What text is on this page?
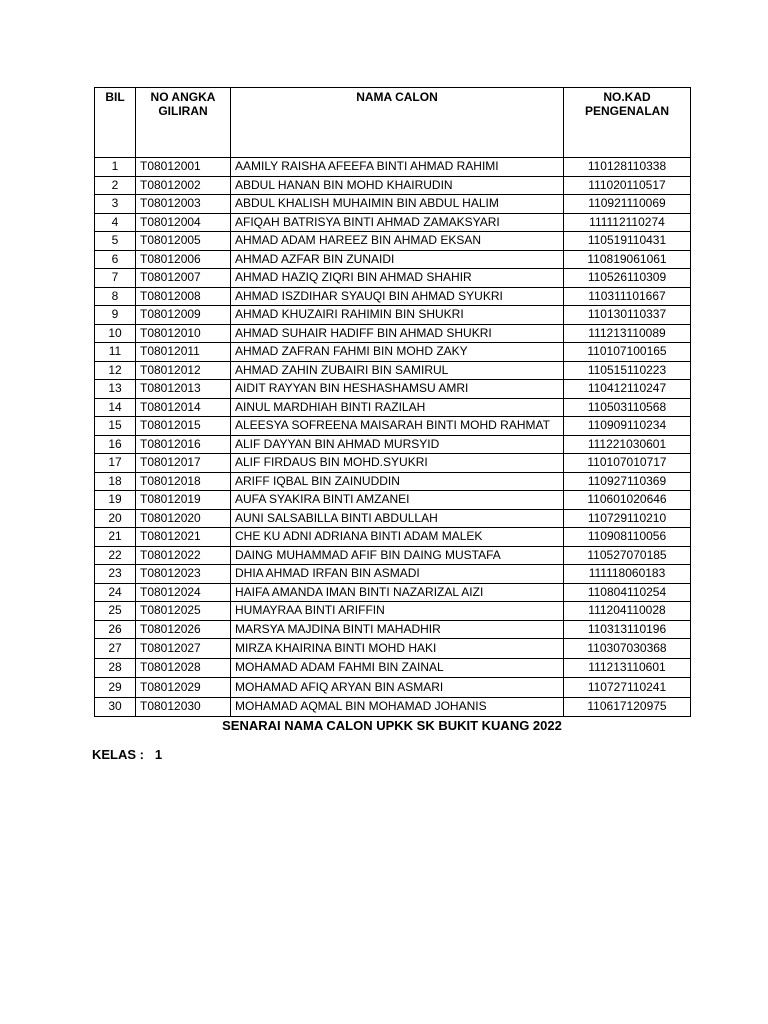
BIL	NO ANGKA GILIRAN	NAMA CALON	NO.KAD PENGENALAN
1	T08012001	AAMILY RAISHA AFEEFA BINTI AHMAD RAHIMI	110128110338
2	T08012002	ABDUL HANAN BIN MOHD KHAIRUDIN	111020110517
3	T08012003	ABDUL KHALISH MUHAIMIN BIN ABDUL HALIM	110921110069
4	T08012004	AFIQAH BATRISYA BINTI AHMAD ZAMAKSYARI	111112110274
5	T08012005	AHMAD ADAM HAREEZ BIN AHMAD EKSAN	110519110431
6	T08012006	AHMAD AZFAR BIN ZUNAIDI	110819061061
7	T08012007	AHMAD HAZIQ ZIQRI BIN AHMAD SHAHIR	110526110309
8	T08012008	AHMAD ISZDIHAR SYAUQI BIN AHMAD SYUKRI	110311101667
9	T08012009	AHMAD KHUZAIRI RAHIMIN BIN SHUKRI	110130110337
10	T08012010	AHMAD SUHAIR HADIFF BIN AHMAD SHUKRI	111213110089
11	T08012011	AHMAD ZAFRAN FAHMI BIN MOHD ZAKY	110107100165
12	T08012012	AHMAD ZAHIN ZUBAIRI BIN SAMIRUL	110515110223
13	T08012013	AIDIT RAYYAN BIN HESHASHAMSU AMRI	110412110247
14	T08012014	AINUL MARDHIAH BINTI RAZILAH	110503110568
15	T08012015	ALEESYA SOFREENA MAISARAH BINTI MOHD RAHMAT	110909110234
16	T08012016	ALIF DAYYAN BIN AHMAD MURSYID	111221030601
17	T08012017	ALIF FIRDAUS BIN MOHD.SYUKRI	110107010717
18	T08012018	ARIFF IQBAL BIN ZAINUDDIN	110927110369
19	T08012019	AUFA SYAKIRA BINTI AMZANEI	110601020646
20	T08012020	AUNI SALSABILLA BINTI ABDULLAH	110729110210
21	T08012021	CHE KU ADNI ADRIANA BINTI ADAM MALEK	110908110056
22	T08012022	DAING MUHAMMAD AFIF BIN DAING MUSTAFA	110527070185
23	T08012023	DHIA AHMAD IRFAN BIN ASMADI	111118060183
24	T08012024	HAIFA AMANDA IMAN BINTI NAZARIZAL AIZI	110804110254
25	T08012025	HUMAYRAA BINTI ARIFFIN	111204110028
26	T08012026	MARSYA MAJDINA BINTI MAHADHIR	110313110196
27	T08012027	MIRZA KHAIRINA BINTI MOHD HAKI	110307030368
28	T08012028	MOHAMAD ADAM FAHMI BIN ZAINAL	111213110601
29	T08012029	MOHAMAD AFIQ ARYAN BIN ASMARI	110727110241
30	T08012030	MOHAMAD AQMAL BIN MOHAMAD JOHANIS	110617120975
SENARAI NAMA CALON UPKK SK BUKIT KUANG 2022
KELAS : 1
